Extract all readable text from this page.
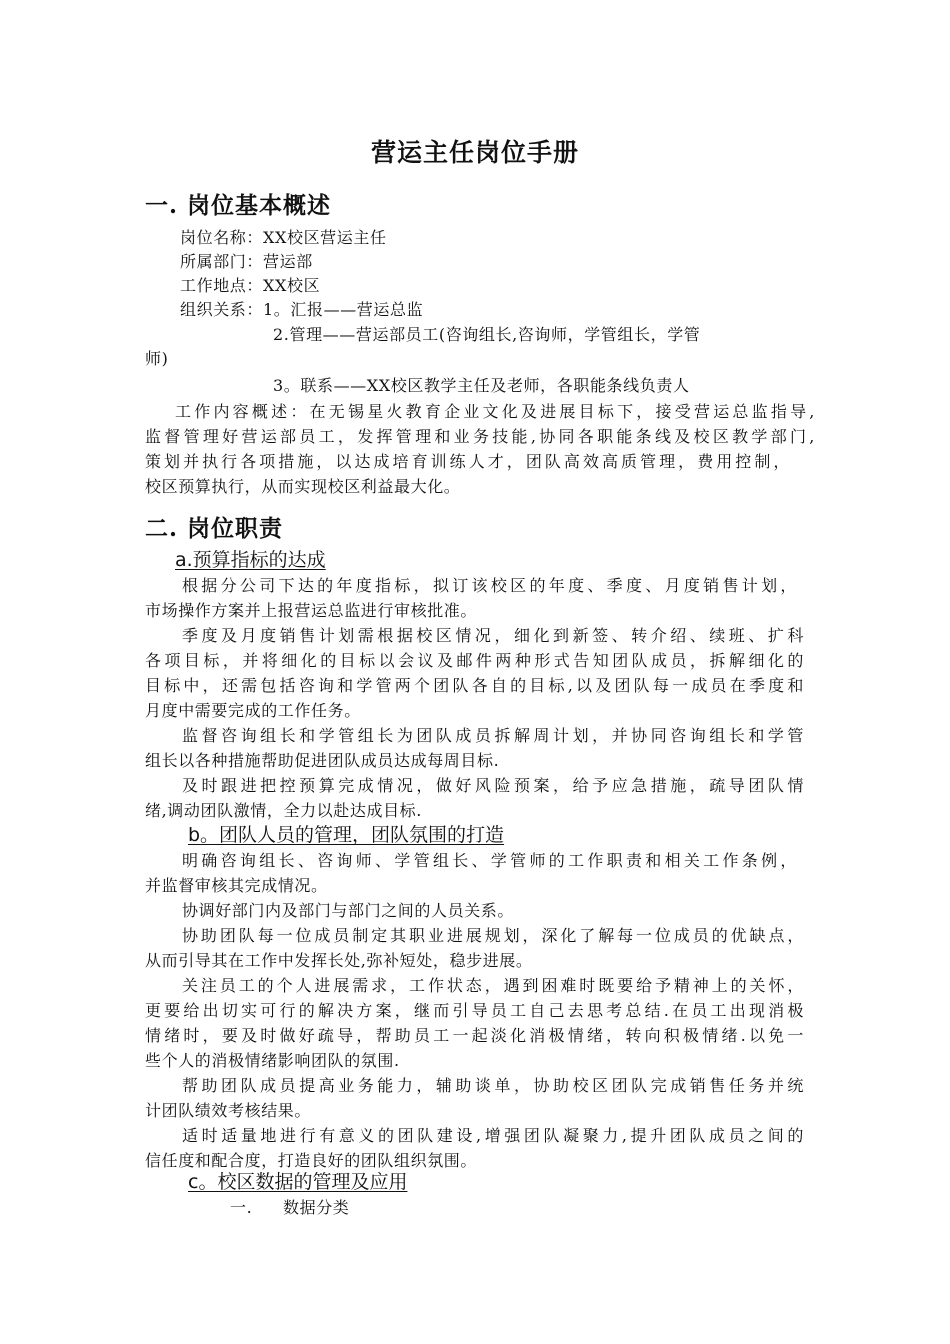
营运主任岗位手册
一. 岗位基本概述
岗位名称：XX校区营运主任
所属部门：营运部
工作地点：XX校区
组织关系：1。汇报——营运总监
2.管理——营运部员工(咨询组长,咨询师，学管组长，学管
师)
3。联系——XX校区教学主任及老师，各职能条线负责人
工作内容概述：在无锡星火教育企业文化及进展目标下，接受营运总监指导,
监督管理好营运部员工，发挥管理和业务技能,协同各职能条线及校区教学部门,
策划并执行各项措施，以达成培育训练人才，团队高效高质管理，费用控制，
校区预算执行，从而实现校区利益最大化。
二. 岗位职责
a.预算指标的达成
根据分公司下达的年度指标，拟订该校区的年度、季度、月度销售计划，
市场操作方案并上报营运总监进行审核批准。
季度及月度销售计划需根据校区情况，细化到新签、转介绍、续班、扩科
各项目标，并将细化的目标以会议及邮件两种形式告知团队成员，拆解细化的
目标中，还需包括咨询和学管两个团队各自的目标,以及团队每一成员在季度和
月度中需要完成的工作任务。
监督咨询组长和学管组长为团队成员拆解周计划，并协同咨询组长和学管
组长以各种措施帮助促进团队成员达成每周目标.
及时跟进把控预算完成情况，做好风险预案，给予应急措施，疏导团队情
绪,调动团队激情，全力以赴达成目标.
b。团队人员的管理，团队氛围的打造
明确咨询组长、咨询师、学管组长、学管师的工作职责和相关工作条例，
并监督审核其完成情况。
协调好部门内及部门与部门之间的人员关系。
协助团队每一位成员制定其职业进展规划，深化了解每一位成员的优缺点，
从而引导其在工作中发挥长处,弥补短处，稳步进展。
关注员工的个人进展需求，工作状态，遇到困难时既要给予精神上的关怀，
更要给出切实可行的解决方案，继而引导员工自己去思考总结.在员工出现消极
情绪时，要及时做好疏导，帮助员工一起淡化消极情绪，转向积极情绪.以免一
些个人的消极情绪影响团队的氛围.
帮助团队成员提高业务能力，辅助谈单，协助校区团队完成销售任务并统
计团队绩效考核结果。
适时适量地进行有意义的团队建设,增强团队凝聚力,提升团队成员之间的
信任度和配合度，打造良好的团队组织氛围。
c。校区数据的管理及应用
一.	数据分类
